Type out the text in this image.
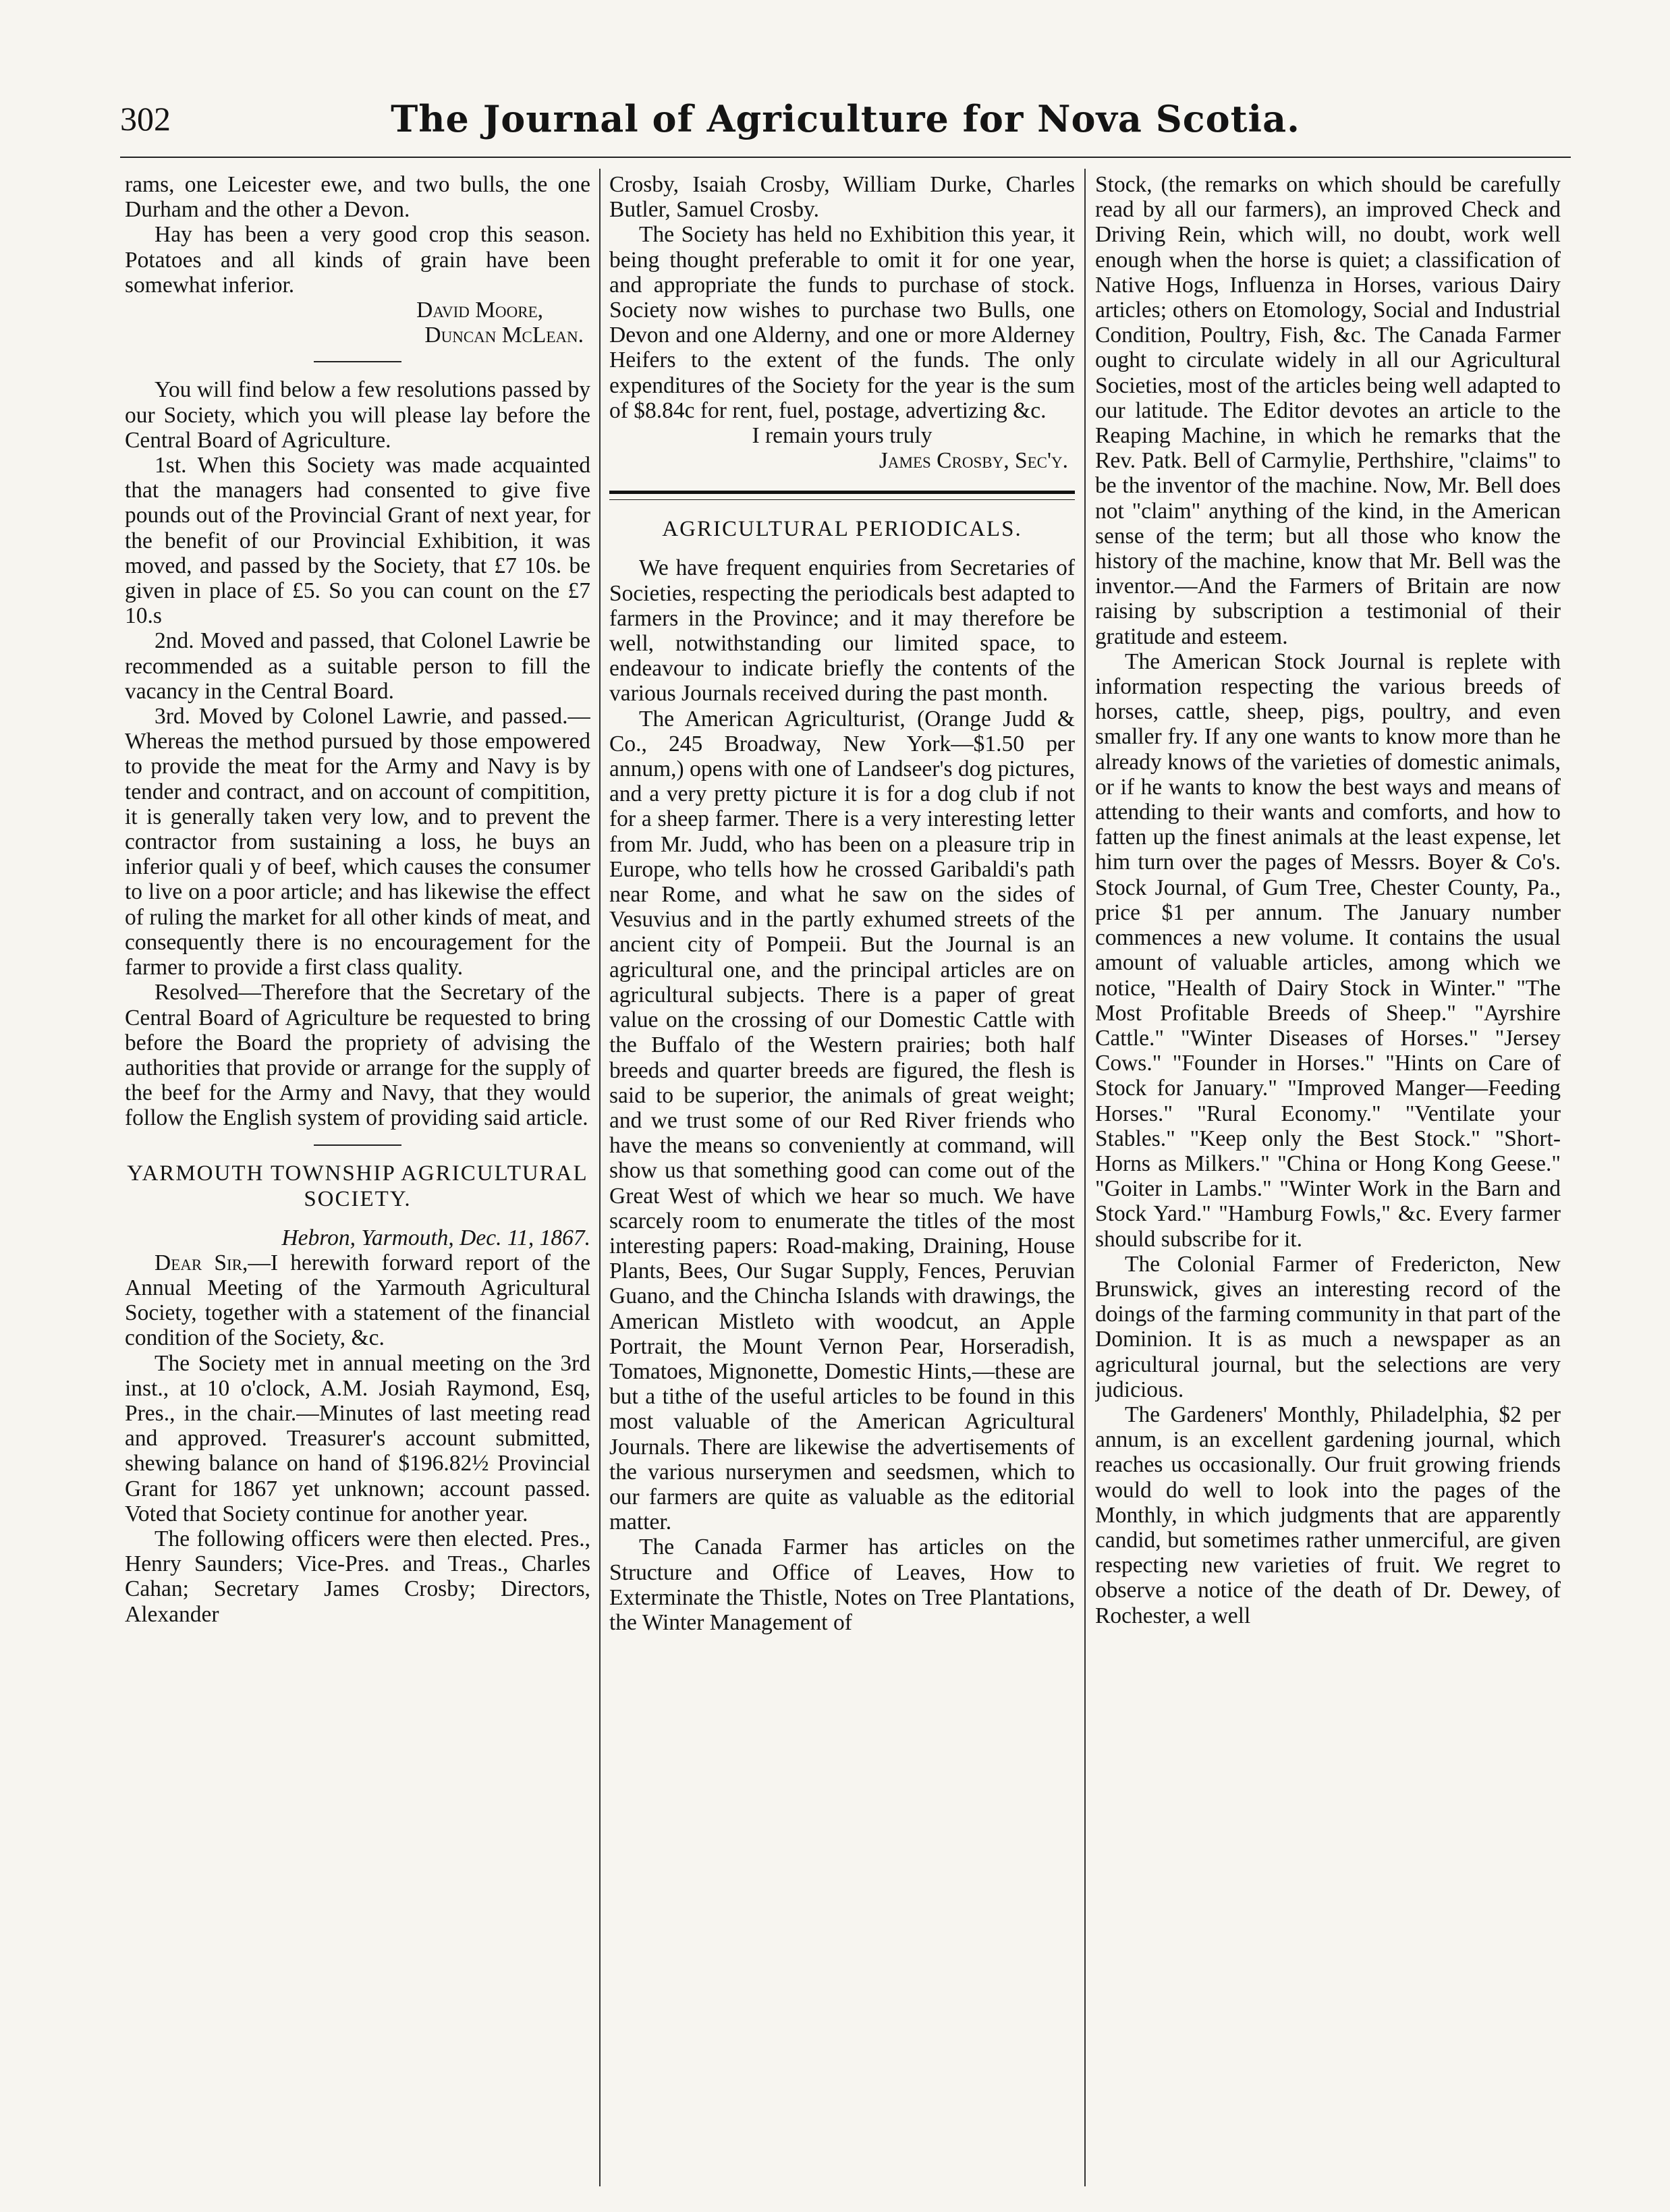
302	The Journal of Agriculture for Nova Scotia.

rams, one Leicester ewe, and two bulls, the one Durham and the other a Devon.

Hay has been a very good crop this season. Potatoes and all kinds of grain have been somewhat inferior.

David Moore,

Duncan McLean.

You will find below a few resolutions passed by our Society, which you will please lay before the Central Board of Agriculture.

1st. When this Society was made acquainted that the managers had consented to give five pounds out of the Provincial Grant of next year, for the benefit of our Provincial Exhibition, it was moved, and passed by the Society, that £7 10s. be given in place of £5. So you can count on the £7 10.s

2nd. Moved and passed, that Colonel Lawrie be recommended as a suitable person to fill the vacancy in the Central Board.

3rd. Moved by Colonel Lawrie, and passed.— Whereas the method pursued by those empowered to provide the meat for the Army and Navy is by tender and contract, and on account of compitition, it is generally taken very low, and to prevent the contractor from sustaining a loss, he buys an inferior quali y of beef, which causes the consumer to live on a poor article; and has likewise the effect of ruling the market for all other kinds of meat, and consequently there is no encouragement for the farmer to provide a first class quality.

Resolved—Therefore that the Secretary of the Central Board of Agriculture be requested to bring before the Board the propriety of advising the authorities that provide or arrange for the supply of the beef for the Army and Navy, that they would follow the English system of providing said article.

YARMOUTH TOWNSHIP AGRICULTURAL SOCIETY.

Hebron, Yarmouth, Dec. 11, 1867.

Dear Sir,—I herewith forward report of the Annual Meeting of the Yarmouth Agricultural Society, together with a statement of the financial condition of the Society, &c.

The Society met in annual meeting on the 3rd inst., at 10 o'clock, A.M. Josiah Raymond, Esq, Pres., in the chair.—Minutes of last meeting read and approved. Treasurer's account submitted, shewing balance on hand of $196.82½ Provincial Grant for 1867 yet unknown; account passed. Voted that Society continue for another year.

The following officers were then elected. Pres., Henry Saunders; Vice-Pres. and Treas., Charles Cahan; Secretary James Crosby; Directors, Alexander

Crosby, Isaiah Crosby, William Durke, Charles Butler, Samuel Crosby.

The Society has held no Exhibition this year, it being thought preferable to omit it for one year, and appropriate the funds to purchase of stock. Society now wishes to purchase two Bulls, one Devon and one Alderny, and one or more Alderney Heifers to the extent of the funds. The only expenditures of the Society for the year is the sum of $8.84c for rent, fuel, postage, advertizing &c.

I remain yours truly

James Crosby, Sec'y.

AGRICULTURAL PERIODICALS.

We have frequent enquiries from Secretaries of Societies, respecting the periodicals best adapted to farmers in the Province; and it may therefore be well, notwithstanding our limited space, to endeavour to indicate briefly the contents of the various Journals received during the past month.

The American Agriculturist, (Orange Judd & Co., 245 Broadway, New York—$1.50 per annum,) opens with one of Landseer's dog pictures, and a very pretty picture it is for a dog club if not for a sheep farmer. There is a very interesting letter from Mr. Judd, who has been on a pleasure trip in Europe, who tells how he crossed Garibaldi's path near Rome, and what he saw on the sides of Vesuvius and in the partly exhumed streets of the ancient city of Pompeii. But the Journal is an agricultural one, and the principal articles are on agricultural subjects. There is a paper of great value on the crossing of our Domestic Cattle with the Buffalo of the Western prairies; both half breeds and quarter breeds are figured, the flesh is said to be superior, the animals of great weight; and we trust some of our Red River friends who have the means so conveniently at command, will show us that something good can come out of the Great West of which we hear so much. We have scarcely room to enumerate the titles of the most interesting papers: Road-making, Draining, House Plants, Bees, Our Sugar Supply, Fences, Peruvian Guano, and the Chincha Islands with drawings, the American Mistleto with woodcut, an Apple Portrait, the Mount Vernon Pear, Horseradish, Tomatoes, Mignonette, Domestic Hints,—these are but a tithe of the useful articles to be found in this most valuable of the American Agricultural Journals. There are likewise the advertisements of the various nurserymen and seedsmen, which to our farmers are quite as valuable as the editorial matter.

The Canada Farmer has articles on the Structure and Office of Leaves, How to Exterminate the Thistle, Notes on Tree Plantations, the Winter Management of

Stock, (the remarks on which should be carefully read by all our farmers), an improved Check and Driving Rein, which will, no doubt, work well enough when the horse is quiet; a classification of Native Hogs, Influenza in Horses, various Dairy articles; others on Etomology, Social and Industrial Condition, Poultry, Fish, &c. The Canada Farmer ought to circulate widely in all our Agricultural Societies, most of the articles being well adapted to our latitude. The Editor devotes an article to the Reaping Machine, in which he remarks that the Rev. Patk. Bell of Carmylie, Perthshire, "claims" to be the inventor of the machine. Now, Mr. Bell does not "claim" anything of the kind, in the American sense of the term; but all those who know the history of the machine, know that Mr. Bell was the inventor.—And the Farmers of Britain are now raising by subscription a testimonial of their gratitude and esteem.

The American Stock Journal is replete with information respecting the various breeds of horses, cattle, sheep, pigs, poultry, and even smaller fry. If any one wants to know more than he already knows of the varieties of domestic animals, or if he wants to know the best ways and means of attending to their wants and comforts, and how to fatten up the finest animals at the least expense, let him turn over the pages of Messrs. Boyer & Co's. Stock Journal, of Gum Tree, Chester County, Pa., price $1 per annum. The January number commences a new volume. It contains the usual amount of valuable articles, among which we notice, "Health of Dairy Stock in Winter." "The Most Profitable Breeds of Sheep." "Ayrshire Cattle." "Winter Diseases of Horses." "Jersey Cows." "Founder in Horses." "Hints on Care of Stock for January." "Improved Manger—Feeding Horses." "Rural Economy." "Ventilate your Stables." "Keep only the Best Stock." "Short-Horns as Milkers." "China or Hong Kong Geese." "Goiter in Lambs." "Winter Work in the Barn and Stock Yard." "Hamburg Fowls," &c. Every farmer should subscribe for it.

The Colonial Farmer of Fredericton, New Brunswick, gives an interesting record of the doings of the farming community in that part of the Dominion. It is as much a newspaper as an agricultural journal, but the selections are very judicious.

The Gardeners' Monthly, Philadelphia, $2 per annum, is an excellent gardening journal, which reaches us occasionally. Our fruit growing friends would do well to look into the pages of the Monthly, in which judgments that are apparently candid, but sometimes rather unmerciful, are given respecting new varieties of fruit. We regret to observe a notice of the death of Dr. Dewey, of Rochester, a well
